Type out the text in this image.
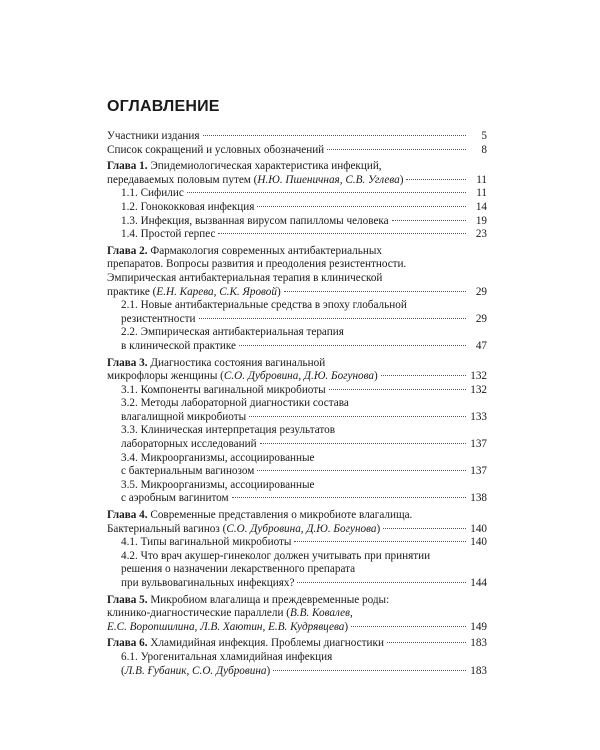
ОГЛАВЛЕНИЕ
Участники издания	5
Список сокращений и условных обозначений	8
Глава 1. Эпидемиологическая характеристика инфекций,
передаваемых половым путем (Н.Ю. Пшеничная, С.В. Углева)	11
1.1. Сифилис	11
1.2. Гонококковая инфекция	14
1.3. Инфекция, вызванная вирусом папилломы человека	19
1.4. Простой герпес	23
Глава 2. Фармакология современных антибактериальных
препаратов. Вопросы развития и преодоления резистентности.
Эмпирическая антибактериальная терапия в клинической
практике (Е.Н. Карева, С.К. Яровой)	29
2.1. Новые антибактериальные средства в эпоху глобальной
резистентности	29
2.2. Эмпирическая антибактериальная терапия
в клинической практике	47
Глава 3. Диагностика состояния вагинальной
микрофлоры женщины (С.О. Дубровина, Д.Ю. Богунова)	132
3.1. Компоненты вагинальной микробиоты	132
3.2. Методы лабораторной диагностики состава
влагалищной микробиоты	133
3.3. Клиническая интерпретация результатов
лабораторных исследований	137
3.4. Микроорганизмы, ассоциированные
с бактериальным вагинозом	137
3.5. Микроорганизмы, ассоциированные
с аэробным вагинитом	138
Глава 4. Современные представления о микробиоте влагалища.
Бактериальный вагиноз (С.О. Дубровина, Д.Ю. Богунова)	140
4.1. Типы вагинальной микробиоты	140
4.2. Что врач акушер-гинеколог должен учитывать при принятии
решения о назначении лекарственного препарата
при вульвовагинальных инфекциях?	144
Глава 5. Микробиом влагалища и преждевременные роды:
клинико-диагностические параллели (В.В. Ковалев,
Е.С. Воропшилина, Л.В. Хаютин, Е.В. Кудрявцева)	149
Глава 6. Хламидийная инфекция. Проблемы диагностики	183
6.1. Урогенитальная хламидийная инфекция
(Л.В. Ғубаник, С.О. Дубровина)	183
